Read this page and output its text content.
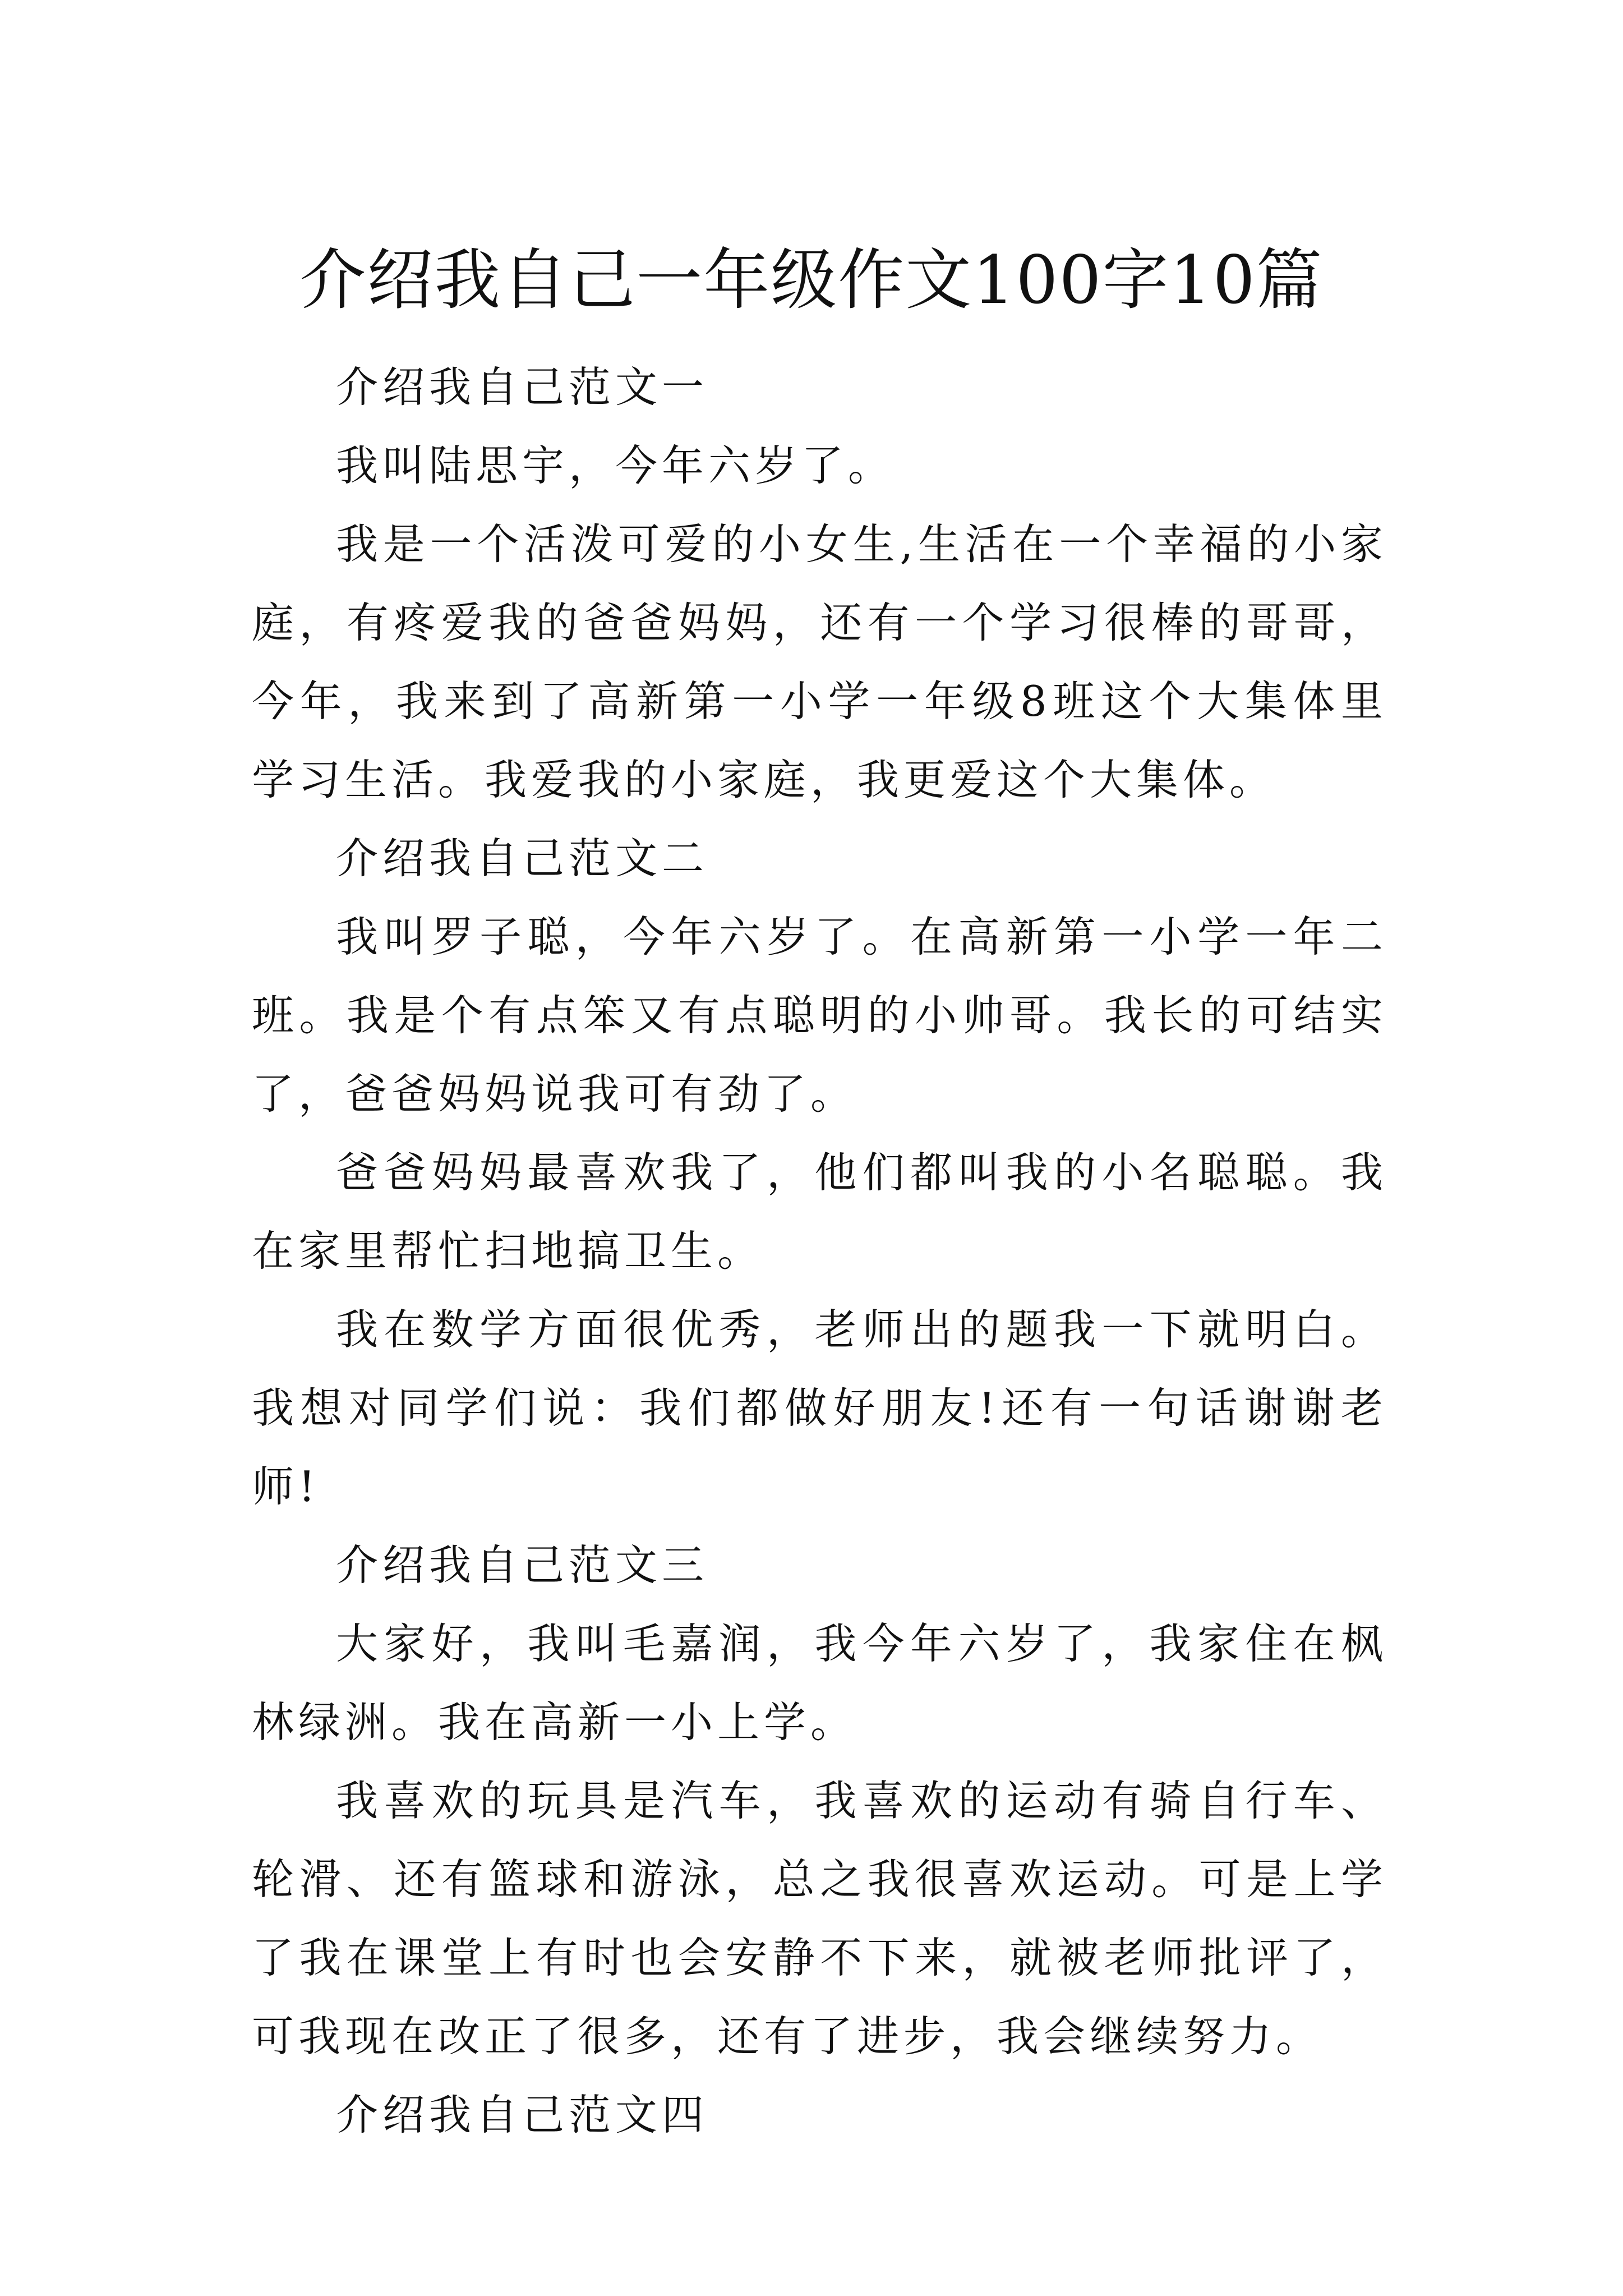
介绍我自己一年级作文100字10篇

介绍我自己范文一

我叫陆思宇，今年六岁了。

我是一个活泼可爱的小女生,生活在一个幸福的小家庭，有疼爱我的爸爸妈妈，还有一个学习很棒的哥哥，今年，我来到了高新第一小学一年级8班这个大集体里学习生活。我爱我的小家庭，我更爱这个大集体。

介绍我自己范文二

我叫罗子聪，今年六岁了。在高新第一小学一年二班。我是个有点笨又有点聪明的小帅哥。我长的可结实了，爸爸妈妈说我可有劲了。

爸爸妈妈最喜欢我了，他们都叫我的小名聪聪。我在家里帮忙扫地搞卫生。

我在数学方面很优秀，老师出的题我一下就明白。我想对同学们说：我们都做好朋友!还有一句话谢谢老师!

介绍我自己范文三

大家好，我叫毛嘉润，我今年六岁了，我家住在枫林绿洲。我在高新一小上学。

我喜欢的玩具是汽车，我喜欢的运动有骑自行车、轮滑、还有篮球和游泳，总之我很喜欢运动。可是上学了我在课堂上有时也会安静不下来，就被老师批评了，可我现在改正了很多，还有了进步，我会继续努力。

介绍我自己范文四
